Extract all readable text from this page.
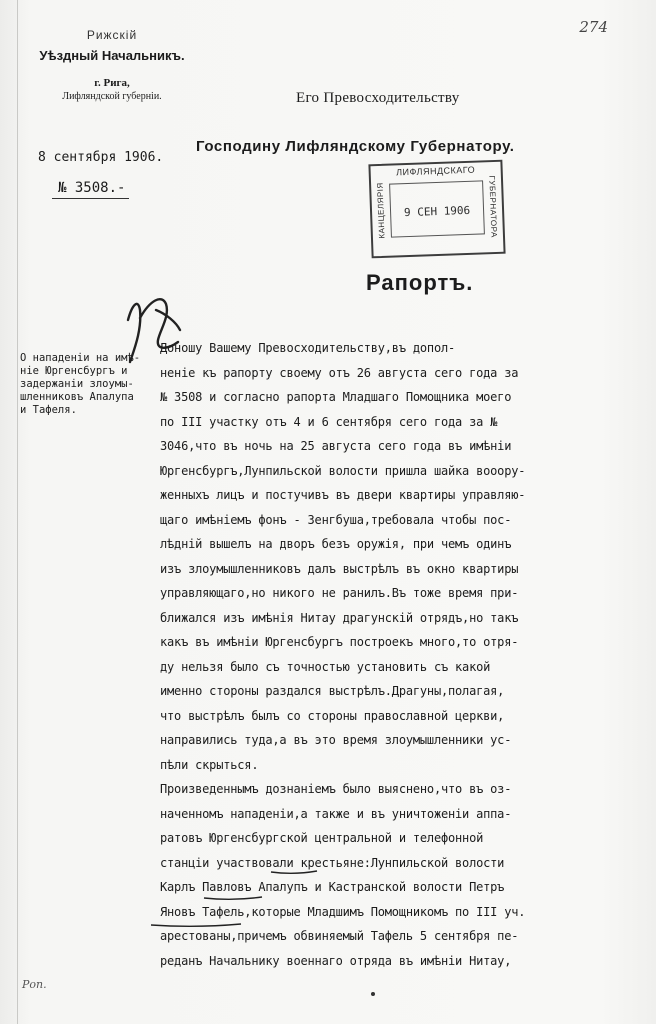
274
Рижскій
Уѣздный Начальникъ.
г. Рига,
Лифляндской губерніи.
8 сентября 1906.
№ 3508.-
Его Превосходительству
Господину Лифляндскому Губернатору.
9 СЕН 1906
ЛИФЛЯНДСКАГО
КАНЦЕЛЯРІЯ	ГУБЕРНАТОРА
Рапортъ.
О нападеніи на имѣ-
ніе Юргенсбургъ и
задержаніи злоумы-
шленниковъ Апалупа
и Тафеля.
Доношу Вашему Превосходительству,въ допол-
неніе къ рапорту своему отъ 26 августа сего года за
№ 3508 и согласно рапорта Младшаго Помощника моего
по III участку отъ 4 и 6 сентября сего года за №
3046,что въ ночь на 25 августа сего года въ имѣніи
Юргенсбургъ,Лунпильской волости пришла шайка вооору-
женныхъ лицъ и постучивъ въ двери квартиры управляю-
щаго имѣніемъ фонъ - Зенгбуша,требовала чтобы пос-
лѣдній вышелъ на дворъ безъ оружія, при чемъ одинъ
изъ злоумышленниковъ далъ выстрѣлъ въ окно квартиры
управляющаго,но никого не ранилъ.Въ тоже время при-
ближался изъ имѣнія Нитау драгунскій отрядъ,но такъ
какъ въ имѣніи Юргенсбургъ построекъ много,то отря-
ду нельзя было съ точностью установить съ какой
именно стороны раздался выстрѣлъ.Драгуны,полагая,
что выстрѣлъ былъ со стороны православной церкви,
направились туда,а въ это время злоумышленники ус-
пѣли скрыться.
Произведеннымъ дознаніемъ было выяснено,что въ оз-
наченномъ нападеніи,а также и въ уничтоженіи аппа-
ратовъ Юргенсбургской центральной и телефонной
станціи участвовали крестьяне:Лунпильской волости
Карлъ Павловъ Апалупъ и Кастранской волости Петръ
Яновъ Тафель,которые Младшимъ Помощникомъ по III уч.
арестованы,причемъ обвиняемый Тафель 5 сентября пе-
реданъ Начальнику военнаго отряда въ имѣніи Нитау,
Роп.
